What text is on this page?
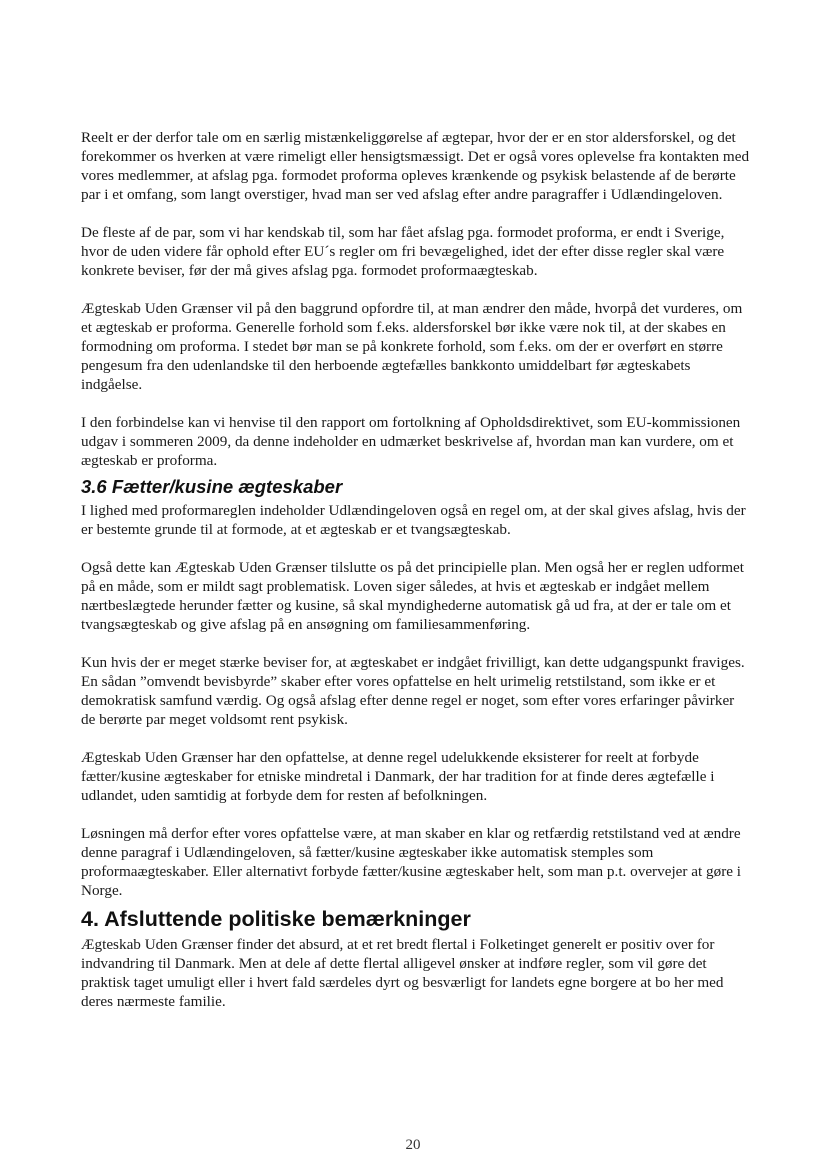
Reelt er der derfor tale om en særlig mistænkeliggørelse af ægtepar, hvor der er en stor aldersforskel, og det forekommer os hverken at være rimeligt eller hensigtsmæssigt. Det er også vores oplevelse fra kontakten med vores medlemmer, at afslag pga. formodet proforma opleves krænkende og psykisk belastende af de berørte par i et omfang, som langt overstiger, hvad man ser ved afslag efter andre paragraffer i Udlændingeloven.

De fleste af de par, som vi har kendskab til, som har fået afslag pga. formodet proforma, er endt i Sverige, hvor de uden videre får ophold efter EU´s regler om fri bevægelighed, idet der efter disse regler skal være konkrete beviser, før der må gives afslag pga. formodet proformaægteskab.

Ægteskab Uden Grænser vil på den baggrund opfordre til, at man ændrer den måde, hvorpå det vurderes, om et ægteskab er proforma. Generelle forhold som f.eks. aldersforskel bør ikke være nok til, at der skabes en formodning om proforma. I stedet bør man se på konkrete forhold, som f.eks. om der er overført en større pengesum fra den udenlandske til den herboende ægtefælles bankkonto umiddelbart før ægteskabets indgåelse.

I den forbindelse kan vi henvise til den rapport om fortolkning af Opholdsdirektivet, som EU-kommissionen udgav i sommeren 2009, da denne indeholder en udmærket beskrivelse af, hvordan man kan vurdere, om et ægteskab er proforma.

3.6 Fætter/kusine ægteskaber

I lighed med proformareglen indeholder Udlændingeloven også en regel om, at der skal gives afslag, hvis der er bestemte grunde til at formode, at et ægteskab er et tvangsægteskab.

Også dette kan Ægteskab Uden Grænser tilslutte os på det principielle plan. Men også her er reglen udformet på en måde, som er mildt sagt problematisk. Loven siger således, at hvis et ægteskab er indgået mellem nærtbeslægtede herunder fætter og kusine, så skal myndighederne automatisk gå ud fra, at der er tale om et tvangsægteskab og give afslag på en ansøgning om familiesammenføring.

Kun hvis der er meget stærke beviser for, at ægteskabet er indgået frivilligt, kan dette udgangspunkt fraviges. En sådan ”omvendt bevisbyrde” skaber efter vores opfattelse en helt urimelig retstilstand, som ikke er et demokratisk samfund værdig. Og også afslag efter denne regel er noget, som efter vores erfaringer påvirker de berørte par meget voldsomt rent psykisk.

Ægteskab Uden Grænser har den opfattelse, at denne regel udelukkende eksisterer for reelt at forbyde fætter/kusine ægteskaber for etniske mindretal i Danmark, der har tradition for at finde deres ægtefælle i udlandet, uden samtidig at forbyde dem for resten af befolkningen.

Løsningen må derfor efter vores opfattelse være, at man skaber en klar og retfærdig retstilstand ved at ændre denne paragraf i Udlændingeloven, så fætter/kusine ægteskaber ikke automatisk stemples som proformaægteskaber. Eller alternativt forbyde fætter/kusine ægteskaber helt, som man p.t. overvejer at gøre i Norge.

4. Afsluttende politiske bemærkninger

Ægteskab Uden Grænser finder det absurd, at et ret bredt flertal i Folketinget generelt er positiv over for indvandring til Danmark. Men at dele af dette flertal alligevel ønsker at indføre regler, som vil gøre det praktisk taget umuligt eller i hvert fald særdeles dyrt og besværligt for landets egne borgere at bo her med deres nærmeste familie.

20
